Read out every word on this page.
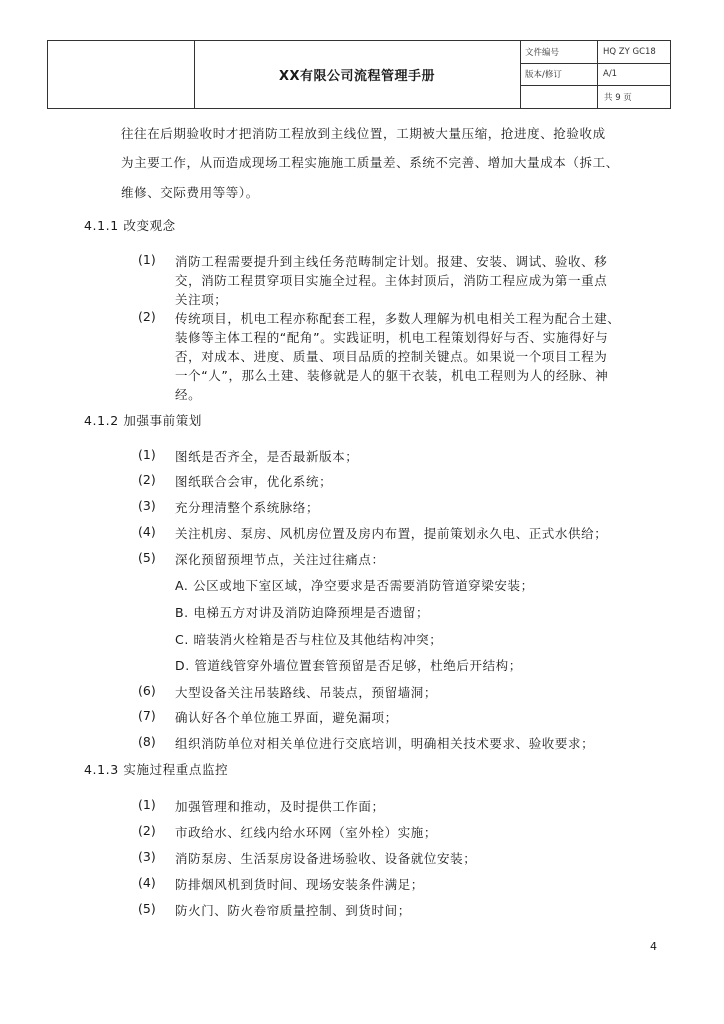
XX有限公司流程管理手册
文件编号	HQ ZY GC18
版本/修订	A/1
共 9 页
往往在后期验收时才把消防工程放到主线位置，工期被大量压缩，抢进度、抢验收成
为主要工作，从而造成现场工程实施施工质量差、系统不完善、增加大量成本（拆工、
维修、交际费用等等）。
4.1.1 改变观念
(1) 消防工程需要提升到主线任务范畴制定计划。报建、安装、调试、验收、移
交，消防工程贯穿项目实施全过程。主体封顶后，消防工程应成为第一重点
关注项；
(2) 传统项目，机电工程亦称配套工程，多数人理解为机电相关工程为配合土建、
装修等主体工程的“配角”。实践证明，机电工程策划得好与否、实施得好与
否，对成本、进度、质量、项目品质的控制关键点。如果说一个项目工程为
一个“人”，那么土建、装修就是人的躯干衣装，机电工程则为人的经脉、神
经。
4.1.2 加强事前策划
(1) 图纸是否齐全，是否最新版本；
(2) 图纸联合会审，优化系统；
(3) 充分理清整个系统脉络；
(4) 关注机房、泵房、风机房位置及房内布置，提前策划永久电、正式水供给；
(5) 深化预留预埋节点，关注过往痛点：
A. 公区或地下室区域，净空要求是否需要消防管道穿梁安装；
B. 电梯五方对讲及消防迫降预埋是否遗留；
C. 暗装消火栓箱是否与柱位及其他结构冲突；
D. 管道线管穿外墙位置套管预留是否足够，杜绝后开结构；
(6) 大型设备关注吊装路线、吊装点，预留墙洞；
(7) 确认好各个单位施工界面，避免漏项；
(8) 组织消防单位对相关单位进行交底培训，明确相关技术要求、验收要求；
4.1.3 实施过程重点监控
(1) 加强管理和推动，及时提供工作面；
(2) 市政给水、红线内给水环网（室外栓）实施；
(3) 消防泵房、生活泵房设备进场验收、设备就位安装；
(4) 防排烟风机到货时间、现场安装条件满足；
(5) 防火门、防火卷帘质量控制、到货时间；
4
